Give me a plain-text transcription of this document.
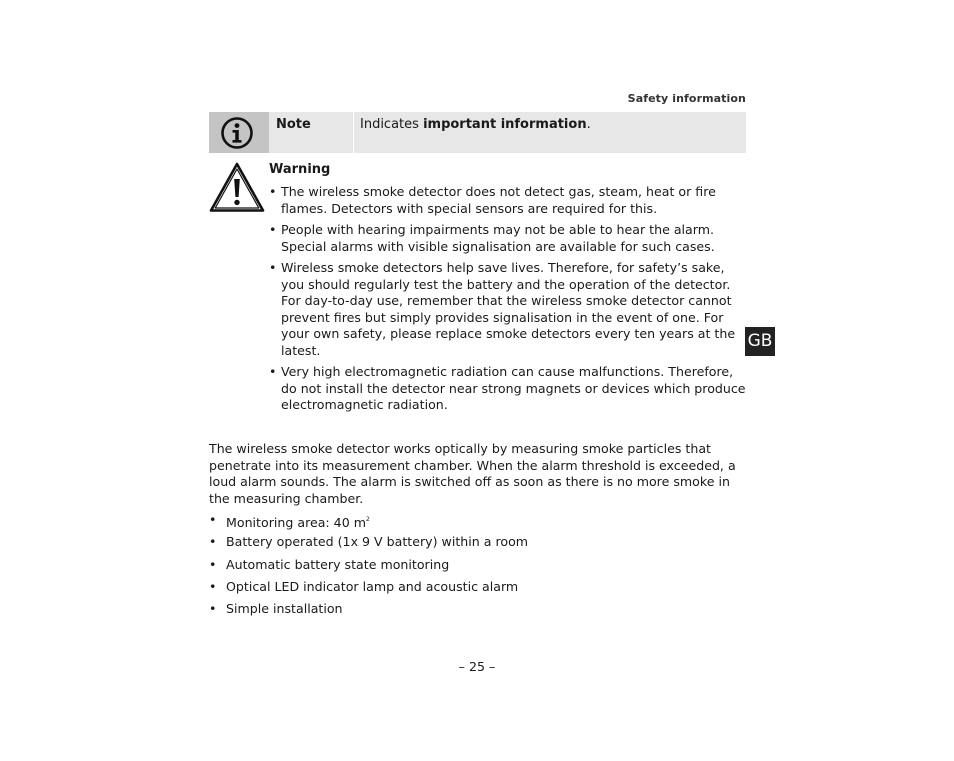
Safety information
Note	Indicates important information.
Warning
• The wireless smoke detector does not detect gas, steam, heat or fire flames. Detectors with special sensors are required for this.
• People with hearing impairments may not be able to hear the alarm. Special alarms with visible signalisation are available for such cases.
• Wireless smoke detectors help save lives. Therefore, for safety’s sake, you should regularly test the battery and the operation of the detector. For day-to-day use, remember that the wireless smoke detector cannot prevent fires but simply provides signalisation in the event of one. For your own safety, please replace smoke detectors every ten years at the latest.
• Very high electromagnetic radiation can cause malfunctions. Therefore, do not install the detector near strong magnets or devices which produce electromagnetic radiation.

The wireless smoke detector works optically by measuring smoke particles that penetrate into its measurement chamber. When the alarm threshold is exceeded, a loud alarm sounds. The alarm is switched off as soon as there is no more smoke in the measuring chamber.

• Monitoring area: 40 $m^2$
• Battery operated (1x 9 V battery) within a room
• Automatic battery state monitoring
• Optical LED indicator lamp and acoustic alarm
• Simple installation
GB
– 25 –
